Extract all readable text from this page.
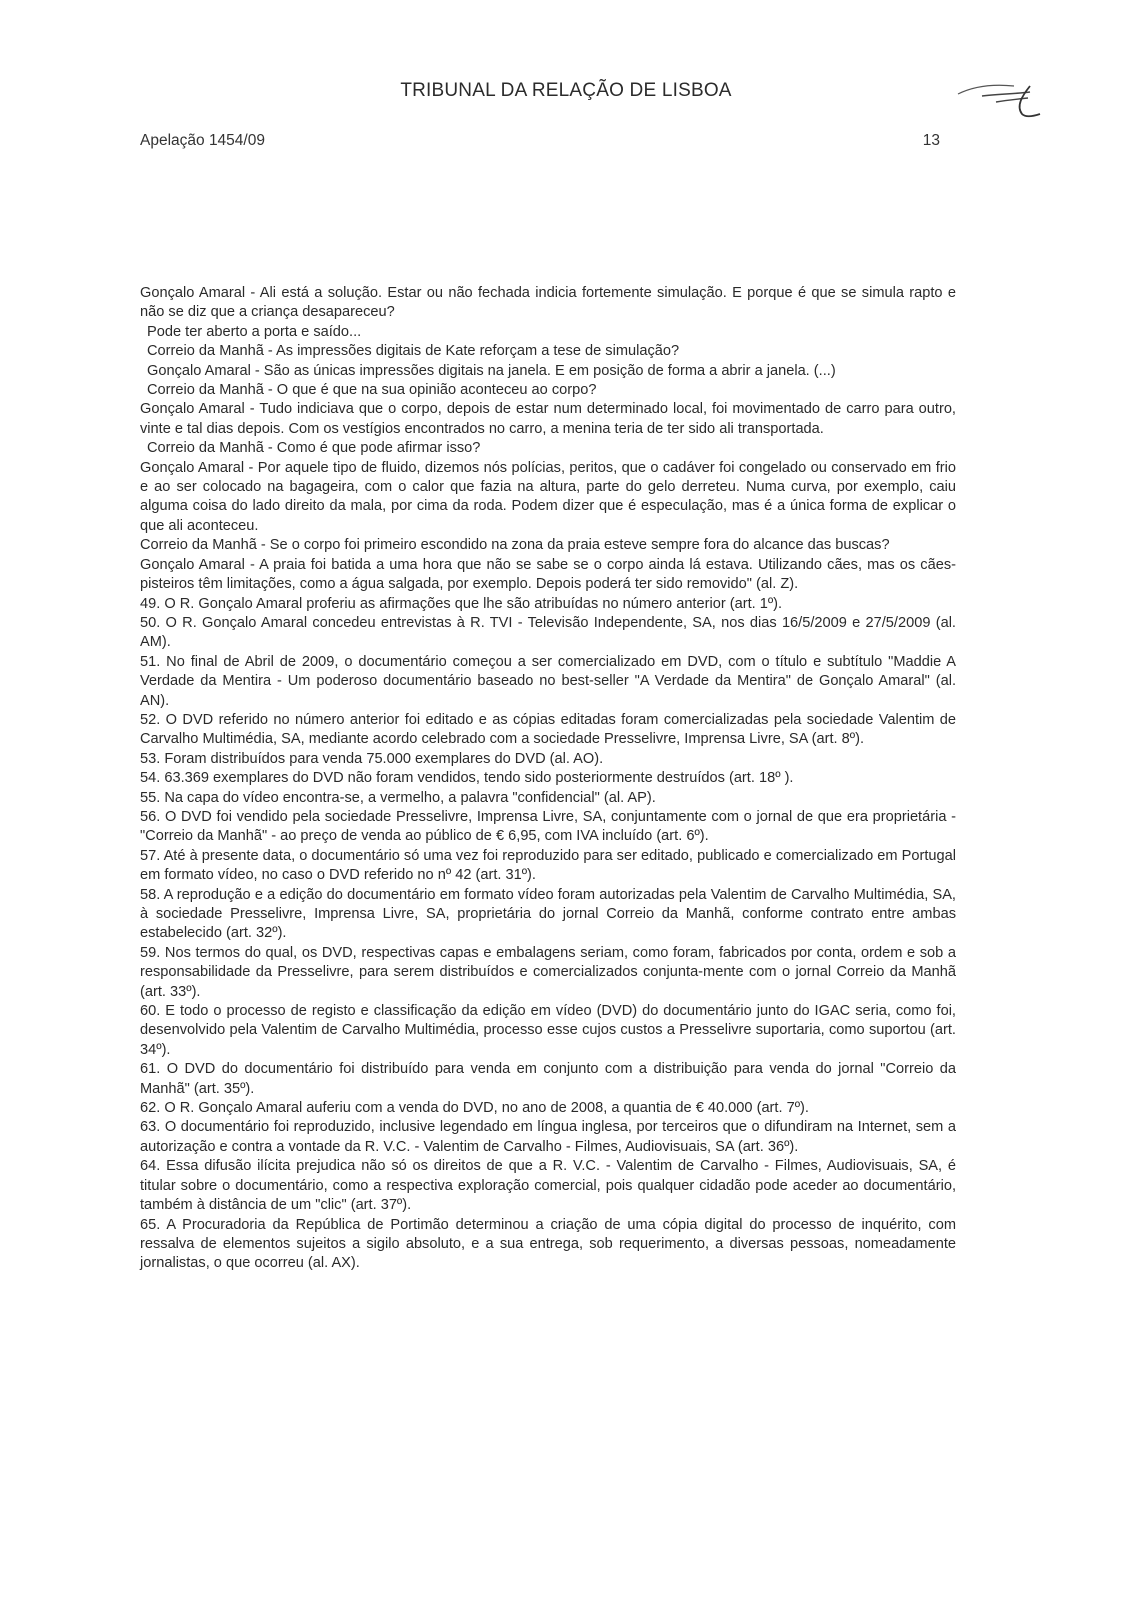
TRIBUNAL DA RELAÇÃO DE LISBOA
Apelação 1454/09	13

Gonçalo Amaral - Ali está a solução. Estar ou não fechada indicia fortemente simulação. E porque é que se simula rapto e não se diz que a criança desapareceu?

Pode ter aberto a porta e saído...

Correio da Manhã - As impressões digitais de Kate reforçam a tese de simulação?

Gonçalo Amaral - São as únicas impressões digitais na janela. E em posição de forma a abrir a janela. (...)

Correio da Manhã - O que é que na sua opinião aconteceu ao corpo?

Gonçalo Amaral - Tudo indiciava que o corpo, depois de estar num determinado local, foi movimentado de carro para outro, vinte e tal dias depois. Com os vestígios encontrados no carro, a menina teria de ter sido ali transportada.

Correio da Manhã - Como é que pode afirmar isso?

Gonçalo Amaral - Por aquele tipo de fluido, dizemos nós polícias, peritos, que o cadáver foi congelado ou conservado em frio e ao ser colocado na bagageira, com o calor que fazia na altura, parte do gelo derreteu. Numa curva, por exemplo, caiu alguma coisa do lado direito da mala, por cima da roda. Podem dizer que é especulação, mas é a única forma de explicar o que ali aconteceu.

Correio da Manhã - Se o corpo foi primeiro escondido na zona da praia esteve sempre fora do alcance das buscas?

Gonçalo Amaral - A praia foi batida a uma hora que não se sabe se o corpo ainda lá estava. Utilizando cães, mas os cães-pisteiros têm limitações, como a água salgada, por exemplo. Depois poderá ter sido removido" (al. Z).

49. O R. Gonçalo Amaral proferiu as afirmações que lhe são atribuídas no número anterior (art. 1º).

50. O R. Gonçalo Amaral concedeu entrevistas à R. TVI - Televisão Independente, SA, nos dias 16/5/2009 e 27/5/2009 (al. AM).

51. No final de Abril de 2009, o documentário começou a ser comercializado em DVD, com o título e subtítulo "Maddie A Verdade da Mentira - Um poderoso documentário baseado no best-seller "A Verdade da Mentira" de Gonçalo Amaral" (al. AN).

52. O DVD referido no número anterior foi editado e as cópias editadas foram comercializadas pela sociedade Valentim de Carvalho Multimédia, SA, mediante acordo celebrado com a sociedade Presselivre, Imprensa Livre, SA (art. 8º).

53. Foram distribuídos para venda 75.000 exemplares do DVD (al. AO).

54. 63.369 exemplares do DVD não foram vendidos, tendo sido posteriormente destruídos (art. 18º ).

55. Na capa do vídeo encontra-se, a vermelho, a palavra "confidencial" (al. AP).

56. O DVD foi vendido pela sociedade Presselivre, Imprensa Livre, SA, conjuntamente com o jornal de que era proprietária - "Correio da Manhã" - ao preço de venda ao público de € 6,95, com IVA incluído (art. 6º).

57. Até à presente data, o documentário só uma vez foi reproduzido para ser editado, publicado e comercializado em Portugal em formato vídeo, no caso o DVD referido no nº 42 (art. 31º).

58. A reprodução e a edição do documentário em formato vídeo foram autorizadas pela Valentim de Carvalho Multimédia, SA, à sociedade Presselivre, Imprensa Livre, SA, proprietária do jornal Correio da Manhã, conforme contrato entre ambas estabelecido (art. 32º).

59. Nos termos do qual, os DVD, respectivas capas e embalagens seriam, como foram, fabricados por conta, ordem e sob a responsabilidade da Presselivre, para serem distribuídos e comercializados conjunta-mente com o jornal Correio da Manhã (art. 33º).

60. E todo o processo de registo e classificação da edição em vídeo (DVD) do documentário junto do IGAC seria, como foi, desenvolvido pela Valentim de Carvalho Multimédia, processo esse cujos custos a Presselivre suportaria, como suportou (art. 34º).

61. O DVD do documentário foi distribuído para venda em conjunto com a distribuição para venda do jornal "Correio da Manhã" (art. 35º).

62. O R. Gonçalo Amaral auferiu com a venda do DVD, no ano de 2008, a quantia de € 40.000 (art. 7º).

63. O documentário foi reproduzido, inclusive legendado em língua inglesa, por terceiros que o difundiram na Internet, sem a autorização e contra a vontade da R. V.C. - Valentim de Carvalho - Filmes, Audiovisuais, SA (art. 36º).

64. Essa difusão ilícita prejudica não só os direitos de que a R. V.C. - Valentim de Carvalho - Filmes, Audiovisuais, SA, é titular sobre o documentário, como a respectiva exploração comercial, pois qualquer cidadão pode aceder ao documentário, também à distância de um "clic" (art. 37º).

65. A Procuradoria da República de Portimão determinou a criação de uma cópia digital do processo de inquérito, com ressalva de elementos sujeitos a sigilo absoluto, e a sua entrega, sob requerimento, a diversas pessoas, nomeadamente jornalistas, o que ocorreu (al. AX).
